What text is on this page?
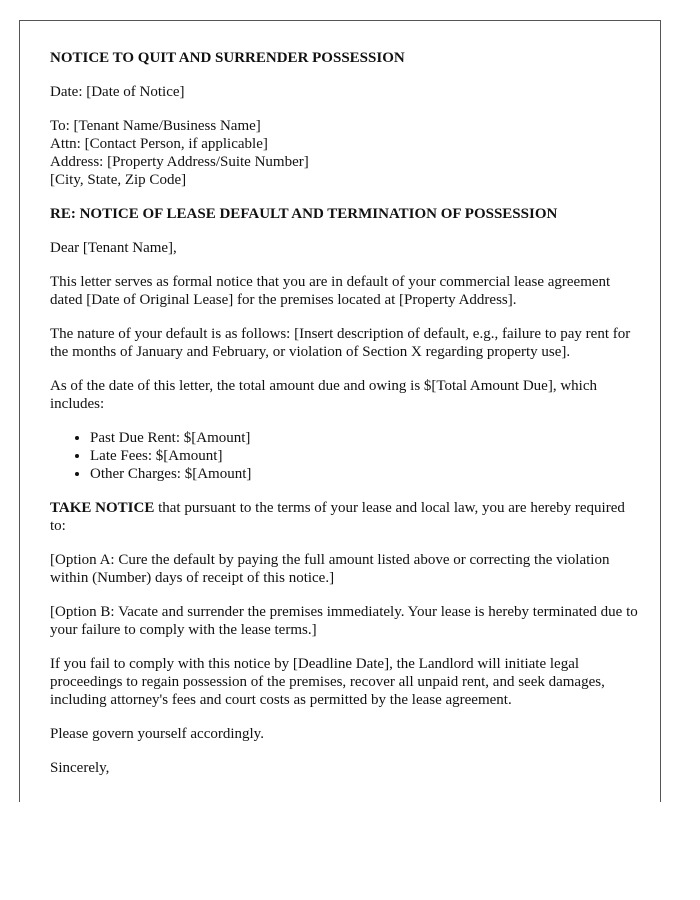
NOTICE TO QUIT AND SURRENDER POSSESSION

Date: [Date of Notice]

To: [Tenant Name/Business Name]
Attn: [Contact Person, if applicable]
Address: [Property Address/Suite Number]
[City, State, Zip Code]

RE: NOTICE OF LEASE DEFAULT AND TERMINATION OF POSSESSION

Dear [Tenant Name],

This letter serves as formal notice that you are in default of your commercial lease agreement dated [Date of Original Lease] for the premises located at [Property Address].

The nature of your default is as follows: [Insert description of default, e.g., failure to pay rent for the months of January and February, or violation of Section X regarding property use].

As of the date of this letter, the total amount due and owing is $[Total Amount Due], which includes:

• Past Due Rent: $[Amount]
• Late Fees: $[Amount]
• Other Charges: $[Amount]

TAKE NOTICE that pursuant to the terms of your lease and local law, you are hereby required to:

[Option A: Cure the default by paying the full amount listed above or correcting the violation within (Number) days of receipt of this notice.]

[Option B: Vacate and surrender the premises immediately. Your lease is hereby terminated due to your failure to comply with the lease terms.]

If you fail to comply with this notice by [Deadline Date], the Landlord will initiate legal proceedings to regain possession of the premises, recover all unpaid rent, and seek damages, including attorney's fees and court costs as permitted by the lease agreement.

Please govern yourself accordingly.

Sincerely,
